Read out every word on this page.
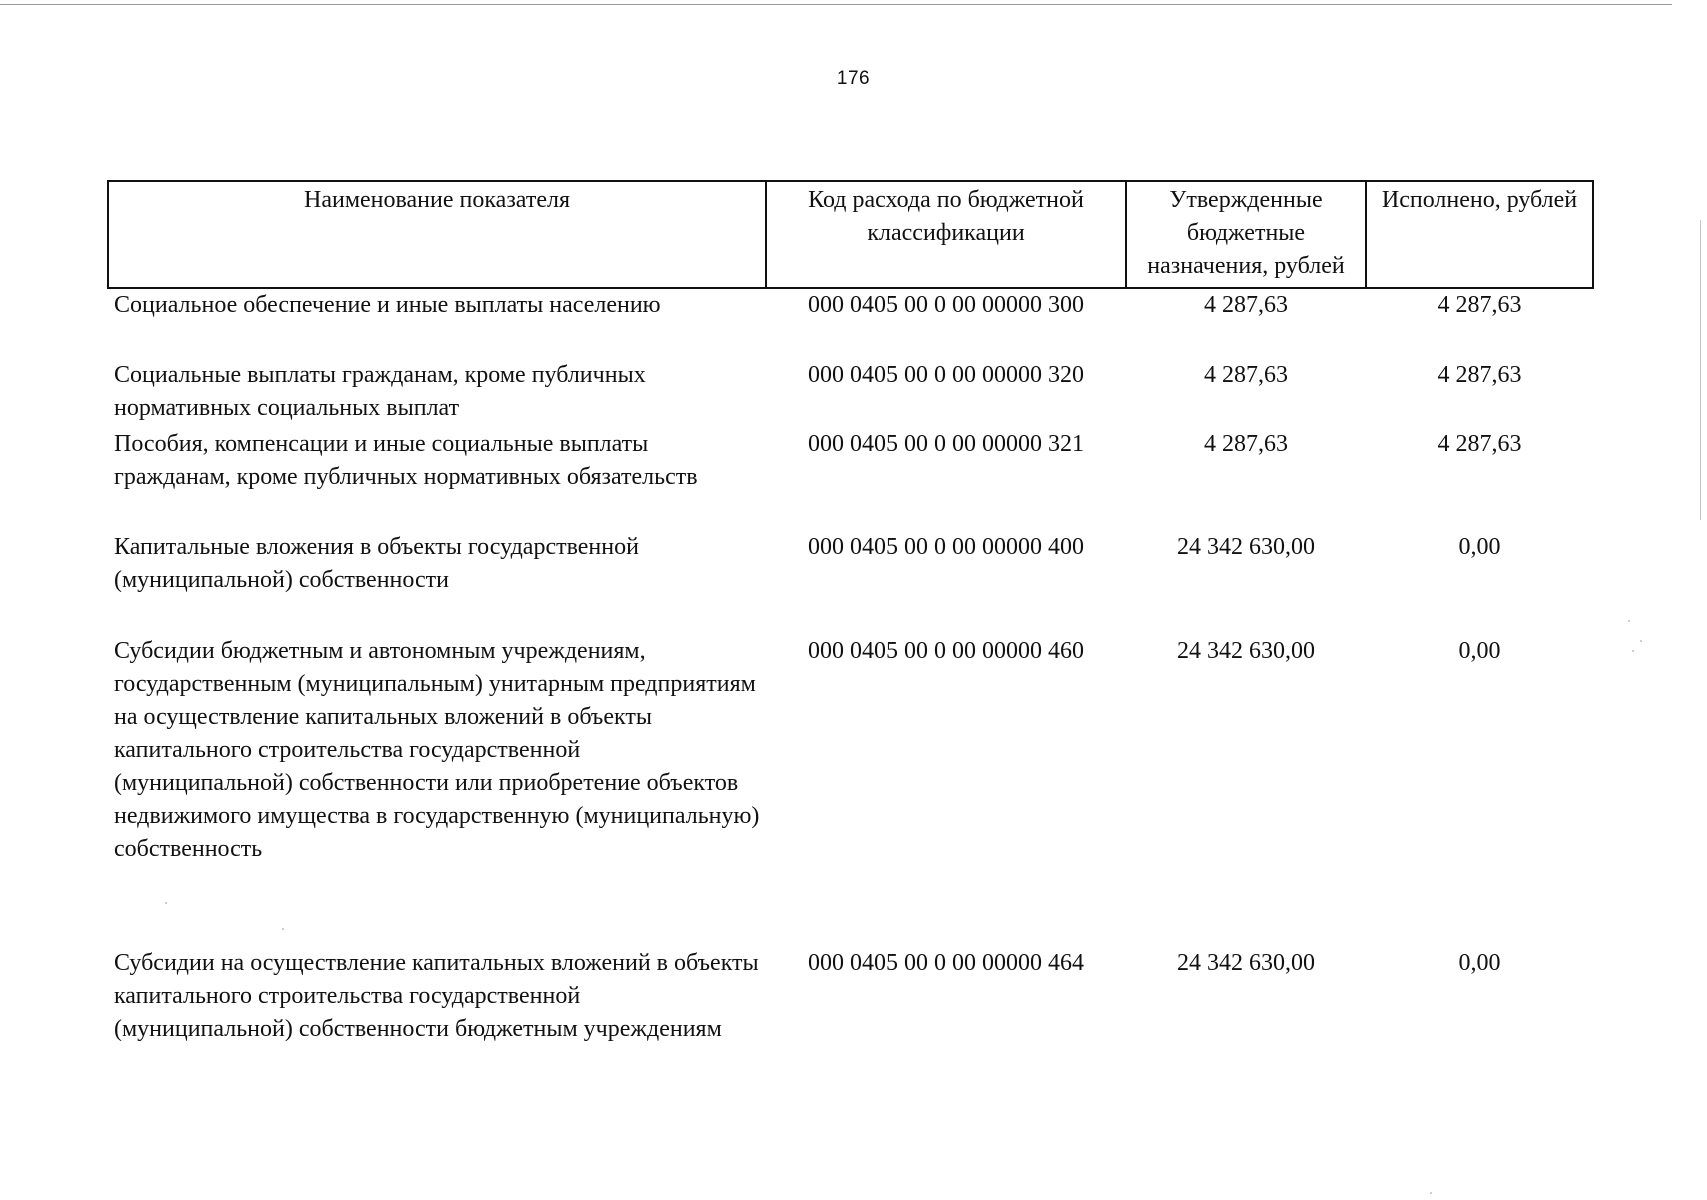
176
Наименование показателя	Код расхода по бюджетной классификации	Утвержденные бюджетные назначения, рублей	Исполнено, рублей
Социальное обеспечение и иные выплаты населению	000 0405 00 0 00 00000 300	4 287,63	4 287,63
Социальные выплаты гражданам, кроме публичных нормативных социальных выплат	000 0405 00 0 00 00000 320	4 287,63	4 287,63
Пособия, компенсации и иные социальные выплаты гражданам, кроме публичных нормативных обязательств	000 0405 00 0 00 00000 321	4 287,63	4 287,63
Капитальные вложения в объекты государственной (муниципальной) собственности	000 0405 00 0 00 00000 400	24 342 630,00	0,00
Субсидии бюджетным и автономным учреждениям, государственным (муниципальным) унитарным предприятиям на осуществление капитальных вложений в объекты капитального строительства государственной (муниципальной) собственности или приобретение объектов недвижимого имущества в государственную (муниципальную) собственность	000 0405 00 0 00 00000 460	24 342 630,00	0,00
Субсидии на осуществление капитальных вложений в объекты капитального строительства государственной (муниципальной) собственности бюджетным учреждениям	000 0405 00 0 00 00000 464	24 342 630,00	0,00
